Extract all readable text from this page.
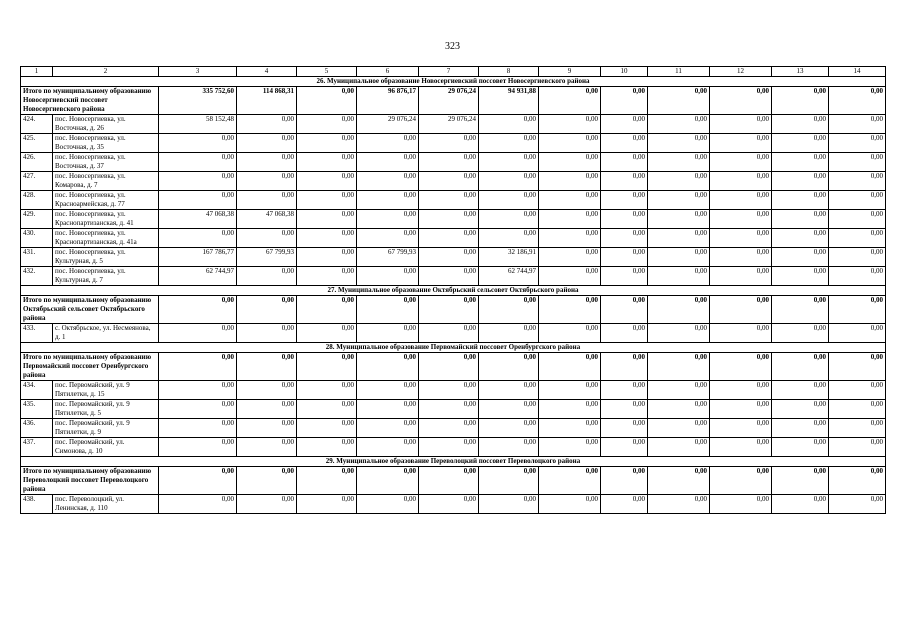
323
1	2	3	4	5	6	7	8	9	10	11	12	13	14
26. Муниципальное образование Новосергиевский поссовет Новосергиевского района													
Итого по муниципальному образованию Новосергиевский поссовет Новосергиевского района		335 752,60	114 868,31	0,00	96 876,17	29 076,24	94 931,88	0,00	0,00	0,00	0,00	0,00	0,00
424.	пос. Новосергиевка, ул. Восточная, д. 26	58 152,48	0,00	0,00	29 076,24	29 076,24	0,00	0,00	0,00	0,00	0,00	0,00	0,00
425.	пос. Новосергиевка, ул. Восточная, д. 35	0,00	0,00	0,00	0,00	0,00	0,00	0,00	0,00	0,00	0,00	0,00	0,00
426.	пос. Новосергиевка, ул. Восточная, д. 37	0,00	0,00	0,00	0,00	0,00	0,00	0,00	0,00	0,00	0,00	0,00	0,00
427.	пос. Новосергиевка, ул. Комарова, д. 7	0,00	0,00	0,00	0,00	0,00	0,00	0,00	0,00	0,00	0,00	0,00	0,00
428.	пос. Новосергиевка, ул. Красноармейская, д. 77	0,00	0,00	0,00	0,00	0,00	0,00	0,00	0,00	0,00	0,00	0,00	0,00
429.	пос. Новосергиевка, ул. Краснопартизанская, д. 41	47 068,38	47 068,38	0,00	0,00	0,00	0,00	0,00	0,00	0,00	0,00	0,00	0,00
430.	пос. Новосергиевка, ул. Краснопартизанская, д. 41а	0,00	0,00	0,00	0,00	0,00	0,00	0,00	0,00	0,00	0,00	0,00	0,00
431.	пос. Новосергиевка, ул. Культурная, д. 5	167 786,77	67 799,93	0,00	67 799,93	0,00	32 186,91	0,00	0,00	0,00	0,00	0,00	0,00
432.	пос. Новосергиевка, ул. Культурная, д. 7	62 744,97	0,00	0,00	0,00	0,00	62 744,97	0,00	0,00	0,00	0,00	0,00	0,00
27. Муниципальное образование Октябрьский сельсовет Октябрьского района													
Итого по муниципальному образованию Октябрьский сельсовет Октябрьского района		0,00	0,00	0,00	0,00	0,00	0,00	0,00	0,00	0,00	0,00	0,00	0,00
433.	с. Октябрьское, ул. Несмеянова, д. 1	0,00	0,00	0,00	0,00	0,00	0,00	0,00	0,00	0,00	0,00	0,00	0,00
28. Муниципальное образование Первомайский поссовет Оренбургского района													
Итого по муниципальному образованию Первомайский поссовет Оренбургского района		0,00	0,00	0,00	0,00	0,00	0,00	0,00	0,00	0,00	0,00	0,00	0,00
434.	пос. Первомайский, ул. 9 Пятилетки, д. 15	0,00	0,00	0,00	0,00	0,00	0,00	0,00	0,00	0,00	0,00	0,00	0,00
435.	пос. Первомайский, ул. 9 Пятилетки, д. 5	0,00	0,00	0,00	0,00	0,00	0,00	0,00	0,00	0,00	0,00	0,00	0,00
436.	пос. Первомайский, ул. 9 Пятилетки, д. 9	0,00	0,00	0,00	0,00	0,00	0,00	0,00	0,00	0,00	0,00	0,00	0,00
437.	пос. Первомайский, ул. Симонова, д. 10	0,00	0,00	0,00	0,00	0,00	0,00	0,00	0,00	0,00	0,00	0,00	0,00
29. Муниципальное образование Переволоцкий поссовет Переволоцкого района													
Итого по муниципальному образованию Переволоцкий поссовет Переволоцкого района		0,00	0,00	0,00	0,00	0,00	0,00	0,00	0,00	0,00	0,00	0,00	0,00
438.	пос. Переволоцкий, ул. Ленинская, д. 110	0,00	0,00	0,00	0,00	0,00	0,00	0,00	0,00	0,00	0,00	0,00	0,00
